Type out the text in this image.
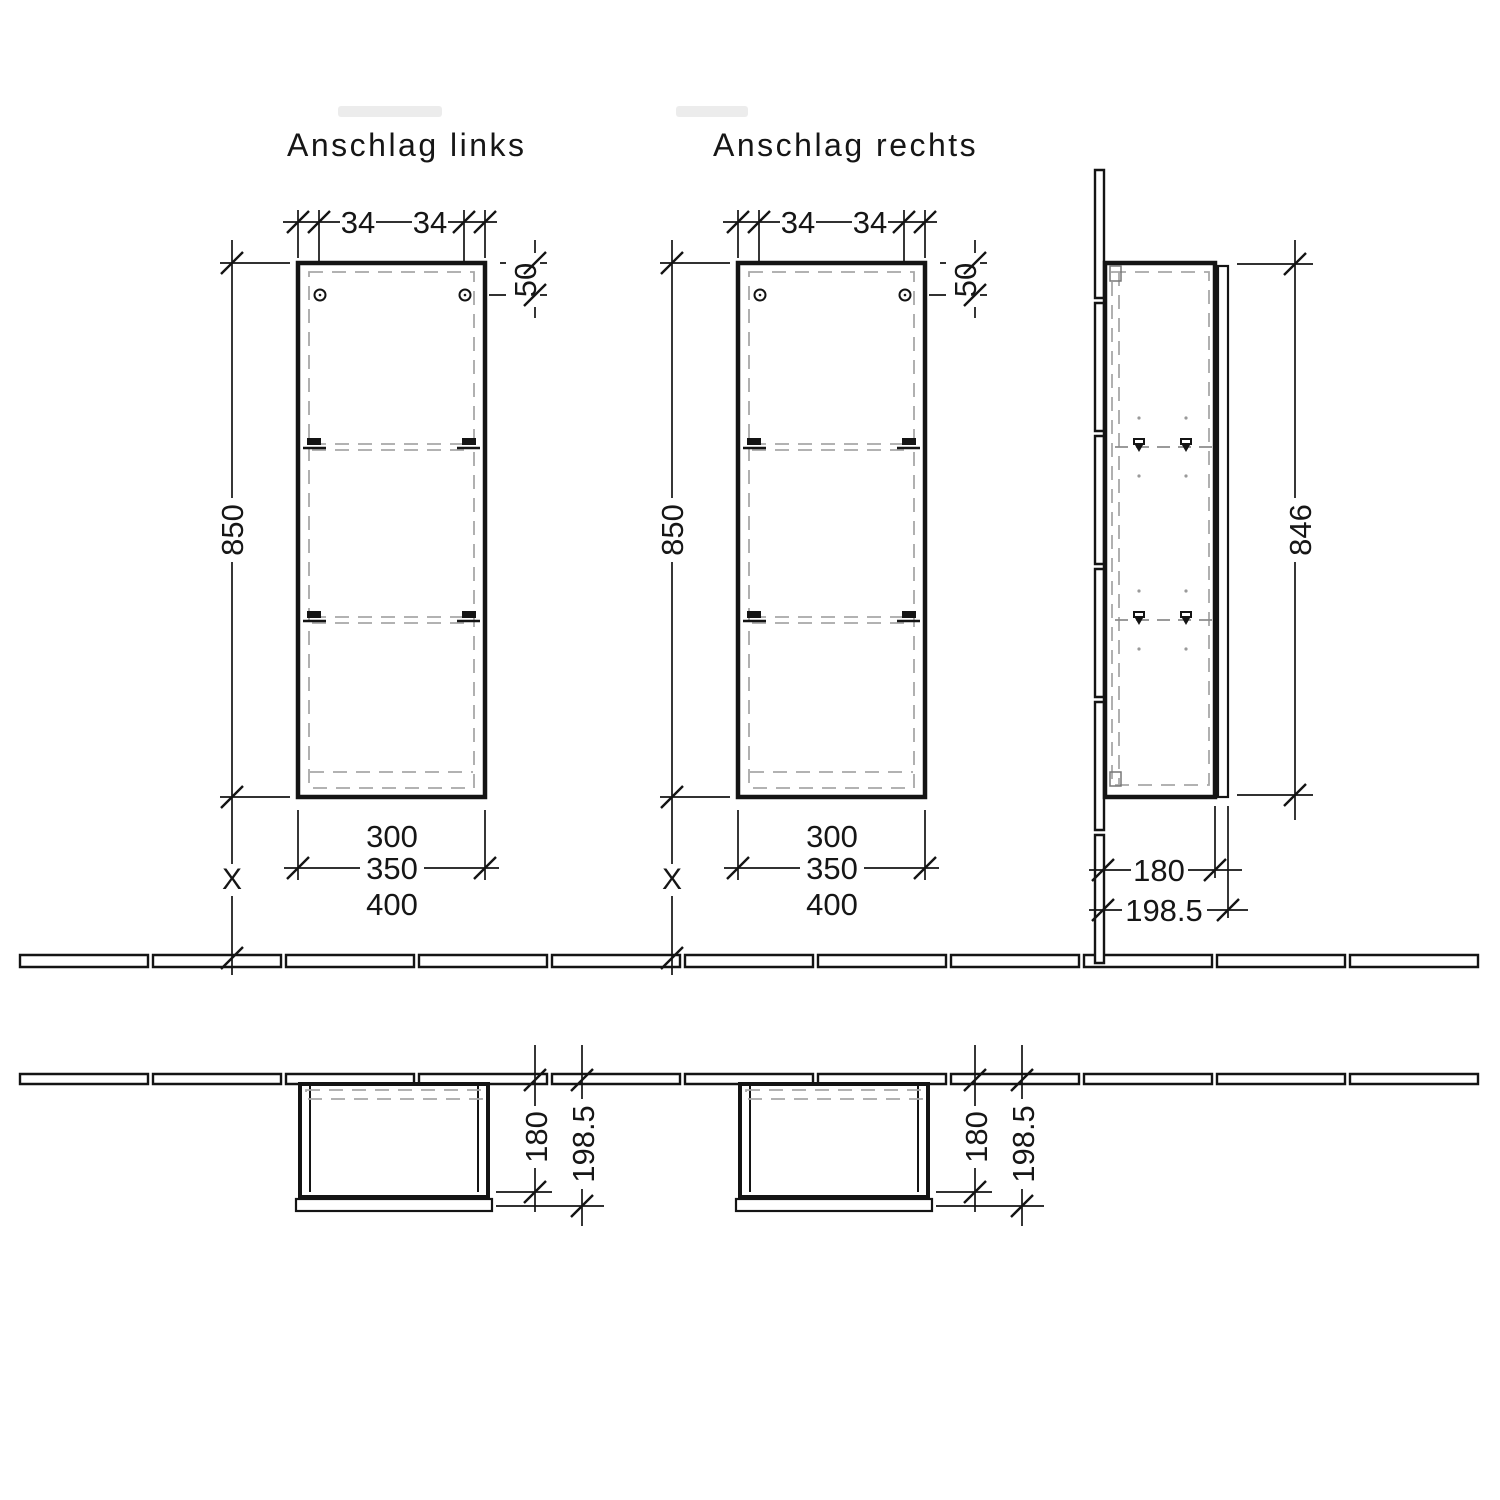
Anschlag links
34 34
50
850
X
300
350
400
Anschlag rechts
34 34
50
850
X
300
350
400
846
180
198.5
180 198.5	180 198.5
